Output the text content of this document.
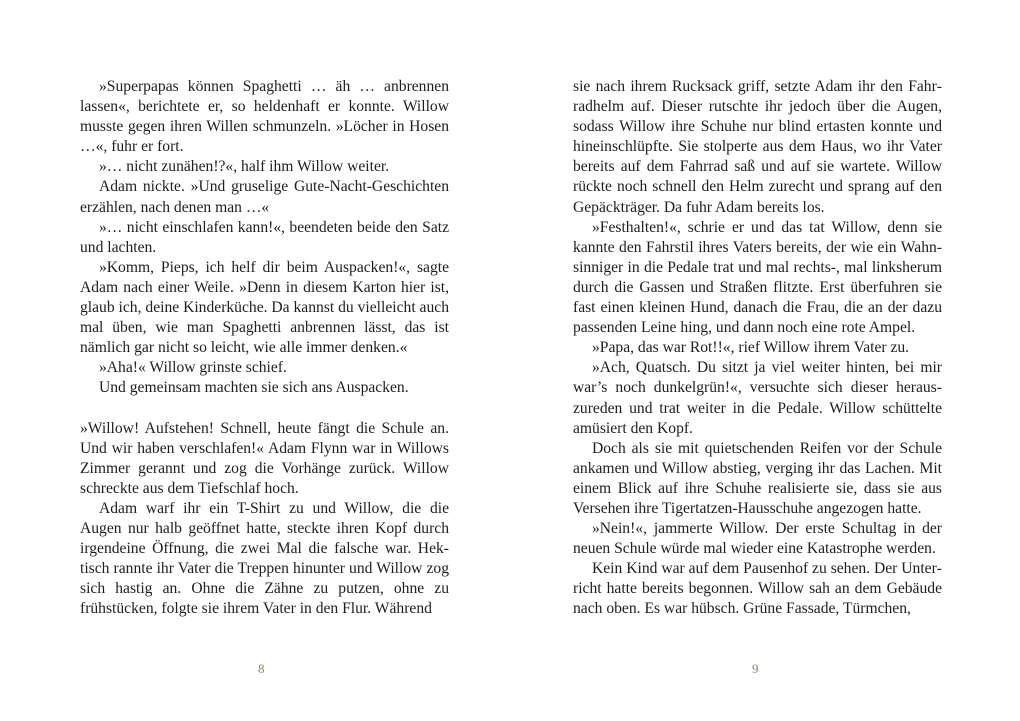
»Superpapas können Spaghetti … äh … anbrennen lassen«, berichtete er, so heldenhaft er konnte. Willow musste gegen ihren Willen schmunzeln. »Löcher in Hosen …«, fuhr er fort.

»… nicht zunähen!?«, half ihm Willow weiter.

Adam nickte. »Und gruselige Gute-Nacht-Geschichten erzählen, nach denen man …«

»… nicht einschlafen kann!«, beendeten beide den Satz und lachten.

»Komm, Pieps, ich helf dir beim Auspacken!«, sagte Adam nach einer Weile. »Denn in diesem Karton hier ist, glaub ich, deine Kinderküche. Da kannst du vielleicht auch mal üben, wie man Spaghetti anbrennen lässt, das ist nämlich gar nicht so leicht, wie alle immer denken.«

»Aha!« Willow grinste schief.

Und gemeinsam machten sie sich ans Auspacken.

»Willow! Aufstehen! Schnell, heute fängt die Schule an. Und wir haben verschlafen!« Adam Flynn war in Willows Zimmer gerannt und zog die Vorhänge zurück. Willow schreckte aus dem Tiefschlaf hoch.

Adam warf ihr ein T-Shirt zu und Willow, die die Augen nur halb geöffnet hatte, steckte ihren Kopf durch irgendeine Öffnung, die zwei Mal die falsche war. Hektisch rannte ihr Vater die Treppen hinunter und Willow zog sich hastig an. Ohne die Zähne zu putzen, ohne zu frühstücken, folgte sie ihrem Vater in den Flur. Während

sie nach ihrem Rucksack griff, setzte Adam ihr den Fahrradhelm auf. Dieser rutschte ihr jedoch über die Augen, sodass Willow ihre Schuhe nur blind ertasten konnte und hineinschlüpfte. Sie stolperte aus dem Haus, wo ihr Vater bereits auf dem Fahrrad saß und auf sie wartete. Willow rückte noch schnell den Helm zurecht und sprang auf den Gepäckträger. Da fuhr Adam bereits los.

»Festhalten!«, schrie er und das tat Willow, denn sie kannte den Fahrstil ihres Vaters bereits, der wie ein Wahnsinniger in die Pedale trat und mal rechts-, mal linksherum durch die Gassen und Straßen flitzte. Erst überfuhren sie fast einen kleinen Hund, danach die Frau, die an der dazu passenden Leine hing, und dann noch eine rote Ampel.

»Papa, das war Rot!!«, rief Willow ihrem Vater zu.

»Ach, Quatsch. Du sitzt ja viel weiter hinten, bei mir war’s noch dunkelgrün!«, versuchte sich dieser herauszureden und trat weiter in die Pedale. Willow schüttelte amüsiert den Kopf.

Doch als sie mit quietschenden Reifen vor der Schule ankamen und Willow abstieg, verging ihr das Lachen. Mit einem Blick auf ihre Schuhe realisierte sie, dass sie aus Versehen ihre Tigertatzen-Hausschuhe angezogen hatte.

»Nein!«, jammerte Willow. Der erste Schultag in der neuen Schule würde mal wieder eine Katastrophe werden.

Kein Kind war auf dem Pausenhof zu sehen. Der Unterricht hatte bereits begonnen. Willow sah an dem Gebäude nach oben. Es war hübsch. Grüne Fassade, Türmchen,

8	9
